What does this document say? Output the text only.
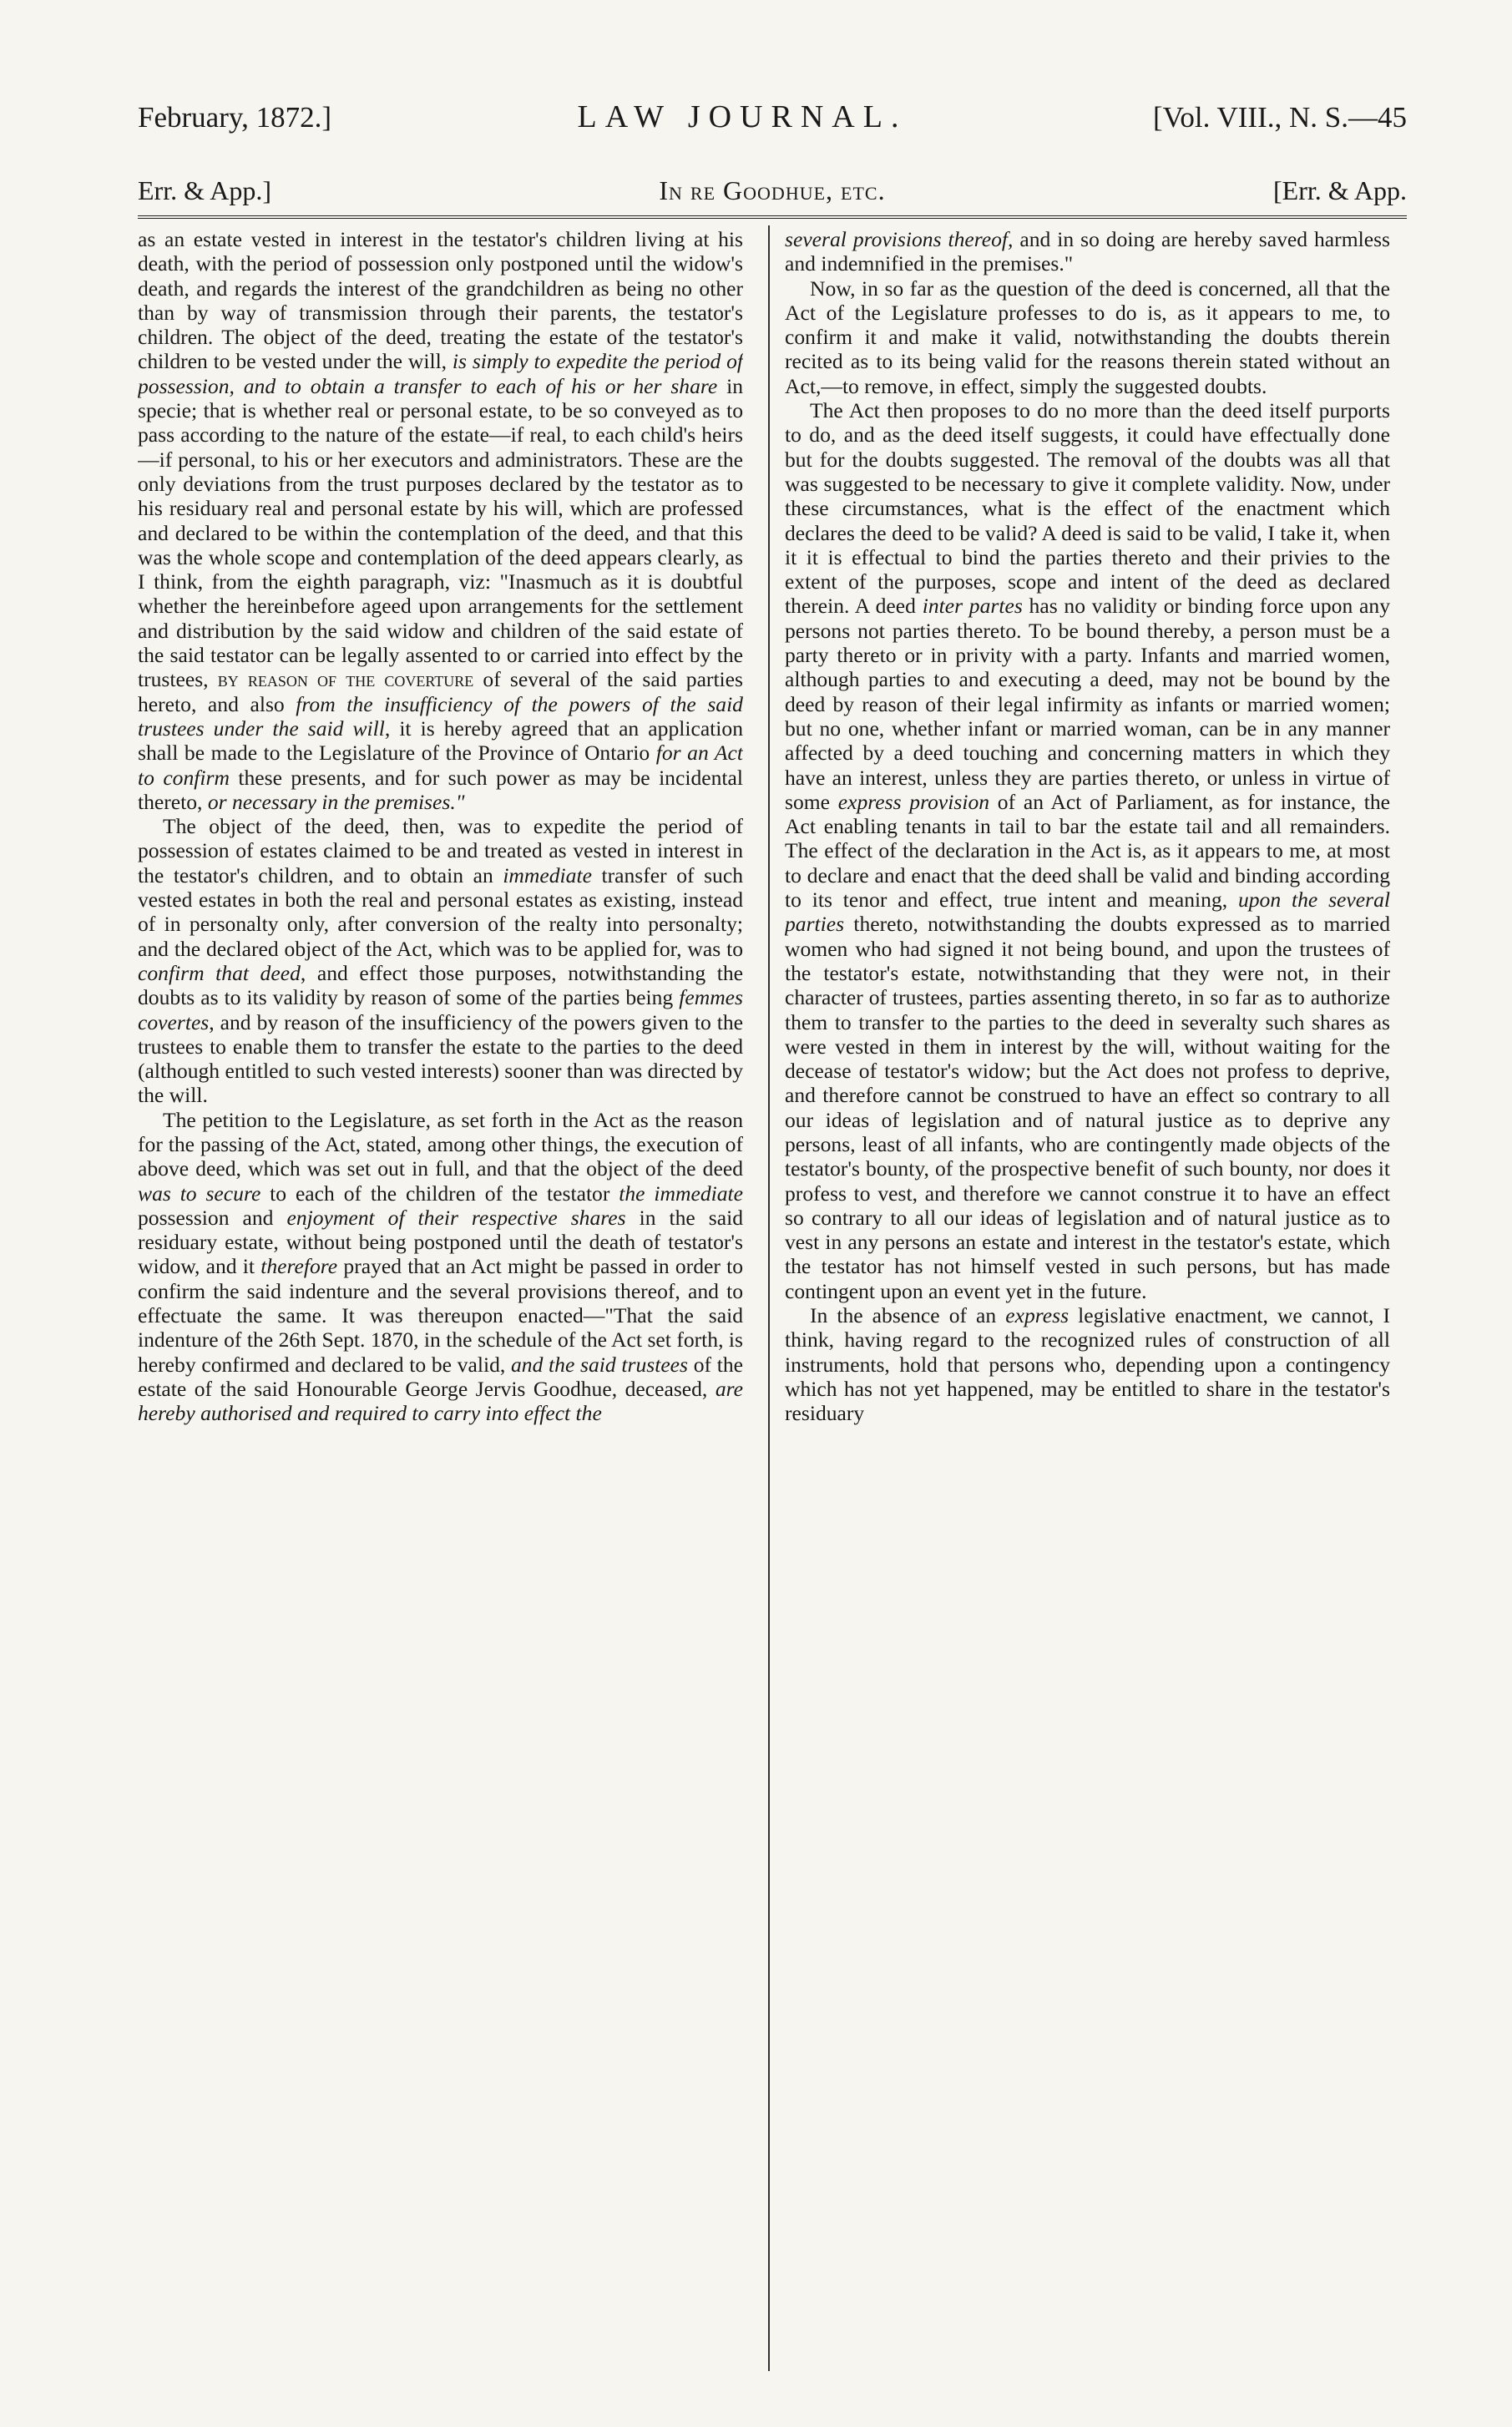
February, 1872.]	LAW JOURNAL.	[Vol. VIII., N. S.—45
Err. & App.]	In re Goodhue, etc.	[Err. & App.

as an estate vested in interest in the testator's children living at his death, with the period of possession only postponed until the widow's death, and regards the interest of the grandchildren as being no other than by way of transmission through their parents, the testator's children. The object of the deed, treating the estate of the testator's children to be vested under the will, is simply to expedite the period of possession, and to obtain a transfer to each of his or her share in specie; that is whether real or personal estate, to be so conveyed as to pass according to the nature of the estate—if real, to each child's heirs—if personal, to his or her executors and administrators. These are the only deviations from the trust purposes declared by the testator as to his residuary real and personal estate by his will, which are professed and declared to be within the contemplation of the deed, and that this was the whole scope and contemplation of the deed appears clearly, as I think, from the eighth paragraph, viz: "Inasmuch as it is doubtful whether the hereinbefore ageed upon arrangements for the settlement and distribution by the said widow and children of the said estate of the said testator can be legally assented to or carried into effect by the trustees, by reason of the coverture of several of the said parties hereto, and also from the insufficiency of the powers of the said trustees under the said will, it is hereby agreed that an application shall be made to the Legislature of the Province of Ontario for an Act to confirm these presents, and for such power as may be incidental thereto, or necessary in the premises."

The object of the deed, then, was to expedite the period of possession of estates claimed to be and treated as vested in interest in the testator's children, and to obtain an immediate transfer of such vested estates in both the real and personal estates as existing, instead of in personalty only, after conversion of the realty into personalty; and the declared object of the Act, which was to be applied for, was to confirm that deed, and effect those purposes, notwithstanding the doubts as to its validity by reason of some of the parties being femmes covertes, and by reason of the insufficiency of the powers given to the trustees to enable them to transfer the estate to the parties to the deed (although entitled to such vested interests) sooner than was directed by the will.

The petition to the Legislature, as set forth in the Act as the reason for the passing of the Act, stated, among other things, the execution of above deed, which was set out in full, and that the object of the deed was to secure to each of the children of the testator the immediate possession and enjoyment of their respective shares in the said residuary estate, without being postponed until the death of testator's widow, and it therefore prayed that an Act might be passed in order to confirm the said indenture and the several provisions thereof, and to effectuate the same. It was thereupon enacted—"That the said indenture of the 26th Sept. 1870, in the schedule of the Act set forth, is hereby confirmed and declared to be valid, and the said trustees of the estate of the said Honourable George Jervis Goodhue, deceased, are hereby authorised and required to carry into effect the

several provisions thereof, and in so doing are hereby saved harmless and indemnified in the premises."

Now, in so far as the question of the deed is concerned, all that the Act of the Legislature professes to do is, as it appears to me, to confirm it and make it valid, notwithstanding the doubts therein recited as to its being valid for the reasons therein stated without an Act,—to remove, in effect, simply the suggested doubts.

The Act then proposes to do no more than the deed itself purports to do, and as the deed itself suggests, it could have effectually done but for the doubts suggested. The removal of the doubts was all that was suggested to be necessary to give it complete validity. Now, under these circumstances, what is the effect of the enactment which declares the deed to be valid? A deed is said to be valid, I take it, when it it is effectual to bind the parties thereto and their privies to the extent of the purposes, scope and intent of the deed as declared therein. A deed inter partes has no validity or binding force upon any persons not parties thereto. To be bound thereby, a person must be a party thereto or in privity with a party. Infants and married women, although parties to and executing a deed, may not be bound by the deed by reason of their legal infirmity as infants or married women; but no one, whether infant or married woman, can be in any manner affected by a deed touching and concerning matters in which they have an interest, unless they are parties thereto, or unless in virtue of some express provision of an Act of Parliament, as for instance, the Act enabling tenants in tail to bar the estate tail and all remainders. The effect of the declaration in the Act is, as it appears to me, at most to declare and enact that the deed shall be valid and binding according to its tenor and effect, true intent and meaning, upon the several parties thereto, notwithstanding the doubts expressed as to married women who had signed it not being bound, and upon the trustees of the testator's estate, notwithstanding that they were not, in their character of trustees, parties assenting thereto, in so far as to authorize them to transfer to the parties to the deed in severalty such shares as were vested in them in interest by the will, without waiting for the decease of testator's widow; but the Act does not profess to deprive, and therefore cannot be construed to have an effect so contrary to all our ideas of legislation and of natural justice as to deprive any persons, least of all infants, who are contingently made objects of the testator's bounty, of the prospective benefit of such bounty, nor does it profess to vest, and therefore we cannot construe it to have an effect so contrary to all our ideas of legislation and of natural justice as to vest in any persons an estate and interest in the testator's estate, which the testator has not himself vested in such persons, but has made contingent upon an event yet in the future.

In the absence of an express legislative enactment, we cannot, I think, having regard to the recognized rules of construction of all instruments, hold that persons who, depending upon a contingency which has not yet happened, may be entitled to share in the testator's residuary
